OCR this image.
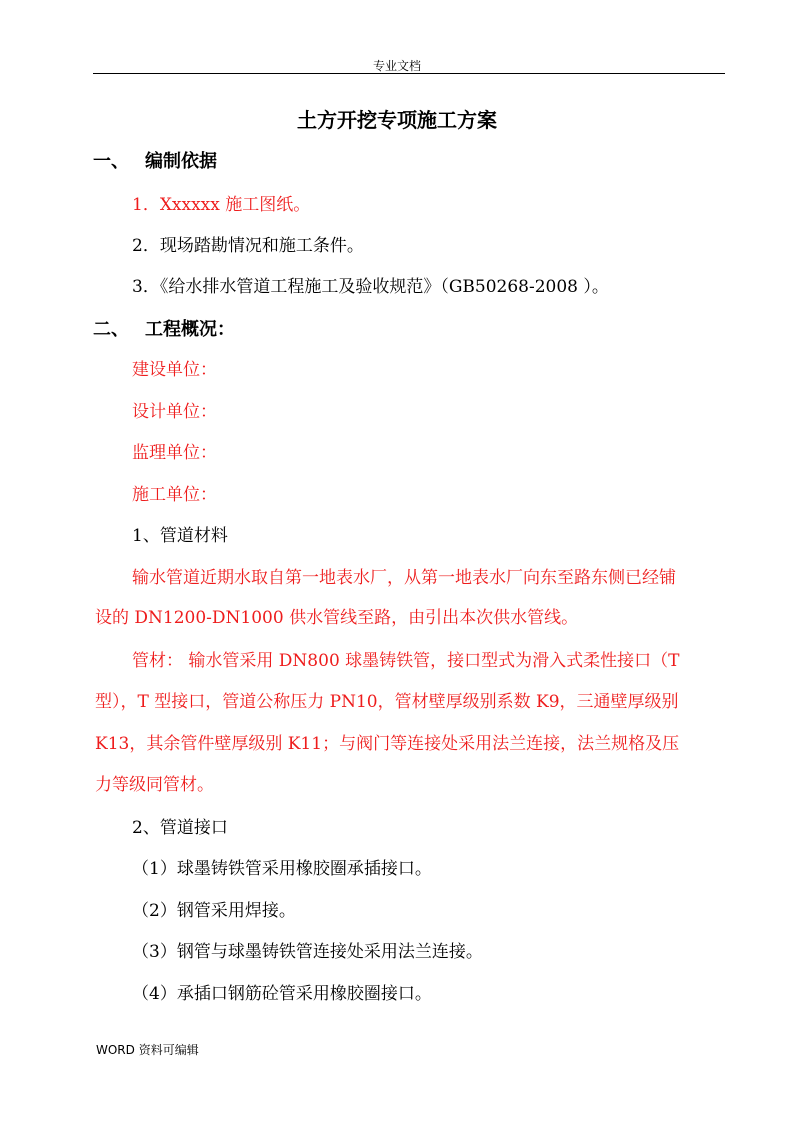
专业文档
土方开挖专项施工方案
一、 编制依据
1．Xxxxxx 施工图纸。
2．现场踏勘情况和施工条件。
3．《给水排水管道工程施工及验收规范》（GB50268-2008 ）。
二、 工程概况：
建设单位：
设计单位：
监理单位：
施工单位：
1、管道材料
输水管道近期水取自第一地表水厂，从第一地表水厂向东至路东侧已经铺
设的 DN1200-DN1000 供水管线至路，由引出本次供水管线。
管材： 输水管采用 DN800 球墨铸铁管，接口型式为滑入式柔性接口（T
型），T 型接口，管道公称压力 PN10，管材壁厚级别系数 K9，三通壁厚级别
K13，其余管件壁厚级别 K11；与阀门等连接处采用法兰连接，法兰规格及压
力等级同管材。
2、管道接口
（1）球墨铸铁管采用橡胶圈承插接口。
（2）钢管采用焊接。
（3）钢管与球墨铸铁管连接处采用法兰连接。
（4）承插口钢筋砼管采用橡胶圈接口。
WORD 资料可编辑
